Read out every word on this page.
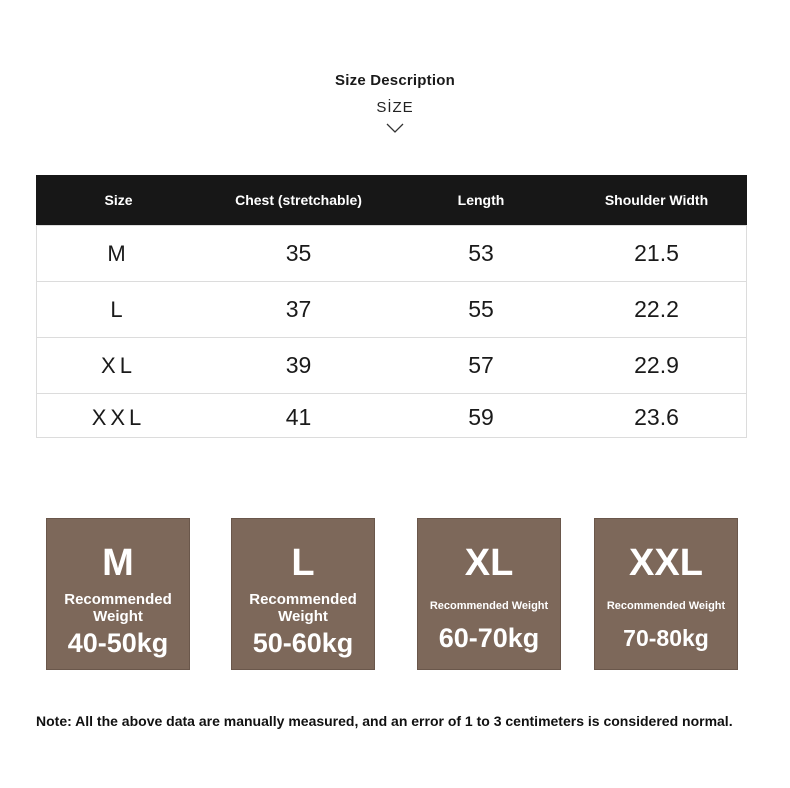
Size Description
SİZE
Size	Chest (stretchable)	Length	Shoulder Width
M	35	53	21.5
L	37	55	22.2
XL	39	57	22.9
XXL	41	59	23.6
M
Recommended Weight
40-50kg
L
Recommended Weight
50-60kg
XL
Recommended Weight
60-70kg
XXL
Recommended Weight
70-80kg
Note: All the above data are manually measured, and an error of 1 to 3 centimeters is considered normal.
